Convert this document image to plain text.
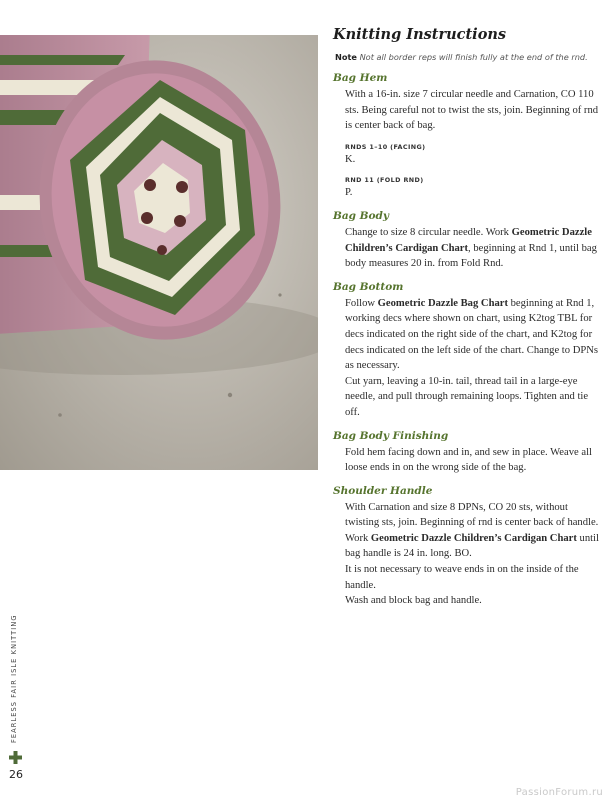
Knitting Instructions
Note Not all border reps will finish fully at the end of the rnd.
Bag Hem

With a 16-in. size 7 circular needle and Carnation, CO 110 sts. Being careful not to twist the sts, join. Beginning of rnd is center back of bag.

RNDS 1–10 (FACING)

K.

RND 11 (FOLD RND)

P.

Bag Body

Change to size 8 circular needle. Work Geometric Dazzle Children’s Cardigan Chart, beginning at Rnd 1, until bag body measures 20 in. from Fold Rnd.

Bag Bottom

Follow Geometric Dazzle Bag Chart beginning at Rnd 1, working decs where shown on chart, using K2tog TBL for decs indicated on the right side of the chart, and K2tog for decs indicated on the left side of the chart. Change to DPNs as necessary.

Cut yarn, leaving a 10-in. tail, thread tail in a large-eye needle, and pull through remaining loops. Tighten and tie off.

Bag Body Finishing

Fold hem facing down and in, and sew in place. Weave all loose ends in on the wrong side of the bag.

Shoulder Handle

With Carnation and size 8 DPNs, CO 20 sts, without twisting sts, join. Beginning of rnd is center back of handle.

Work Geometric Dazzle Children’s Cardigan Chart until bag handle is 24 in. long. BO.

It is not necessary to weave ends in on the inside of the handle.

Wash and block bag and handle.

FEARLESS FAIR ISLE KNITTING
26
PassionForum.ru
